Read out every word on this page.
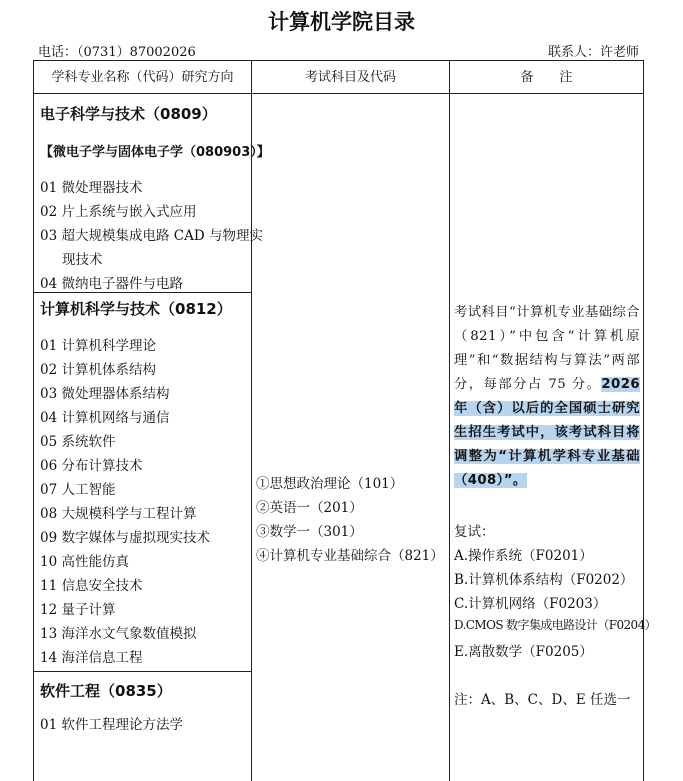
计算机学院目录
电话：（0731）87002026	联系人：许老师
学科专业名称（代码）研究方向	考试科目及代码	备　　注
电子科学与技术（0809）
【微电子学与固体电子学（080903）】
01 微处理器技术
02 片上系统与嵌入式应用
03 超大规模集成电路 CAD 与物理实
现技术
04 微纳电子器件与电路
计算机科学与技术（0812）
01 计算机科学理论
02 计算机体系结构
03 微处理器体系结构
04 计算机网络与通信
05 系统软件
06 分布计算技术
07 人工智能
08 大规模科学与工程计算
09 数字媒体与虚拟现实技术
10 高性能仿真
11 信息安全技术
12 量子计算
13 海洋水文气象数值模拟
14 海洋信息工程
软件工程（0835）
01 软件工程理论方法学
①思想政治理论（101）
②英语一（201）
③数学一（301）
④计算机专业基础综合（821）
考试科目“计算机专业基础综合（821）”中包含“计算机原理”和“数据结构与算法”两部分，每部分占 75 分。2026年（含）以后的全国硕士研究生招生考试中，该考试科目将调整为“计算机学科专业基础（408）”。
复试：
A.操作系统（F0201）
B.计算机体系结构（F0202）
C.计算机网络（F0203）
D.CMOS 数字集成电路设计（F0204）
E.离散数学（F0205）
注：A、B、C、D、E 任选一
